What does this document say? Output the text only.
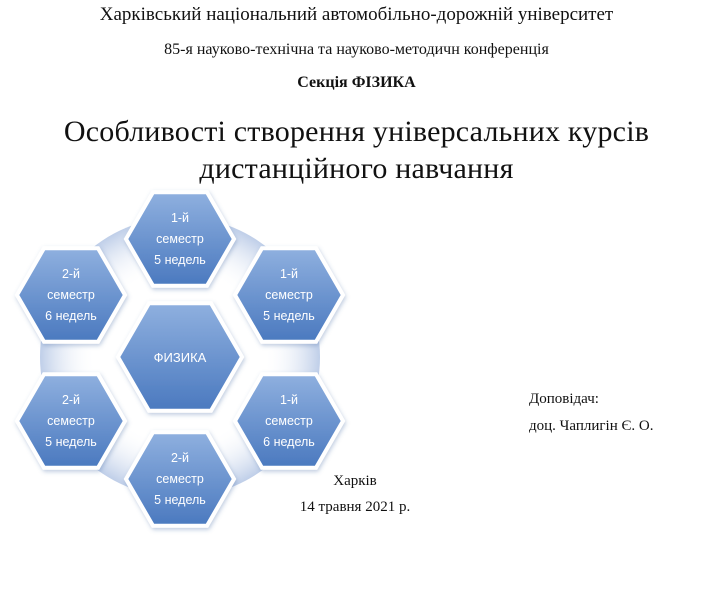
Харківський національний автомобільно-дорожній університет
85-я науково-технічна та науково-методичн конференція
Секція ФІЗИКА
Особливості створення універсальних курсів
дистанційного навчання
1-й
семестр
5 недель
1-й
семестр
5 недель
1-й
семестр
6 недель
2-й
семестр
5 недель
2-й
семестр
5 недель
2-й
семестр
6 недель
ФИЗИКА
Доповідач:
доц. Чаплигін Є. О.
Харків
14 травня 2021 р.
